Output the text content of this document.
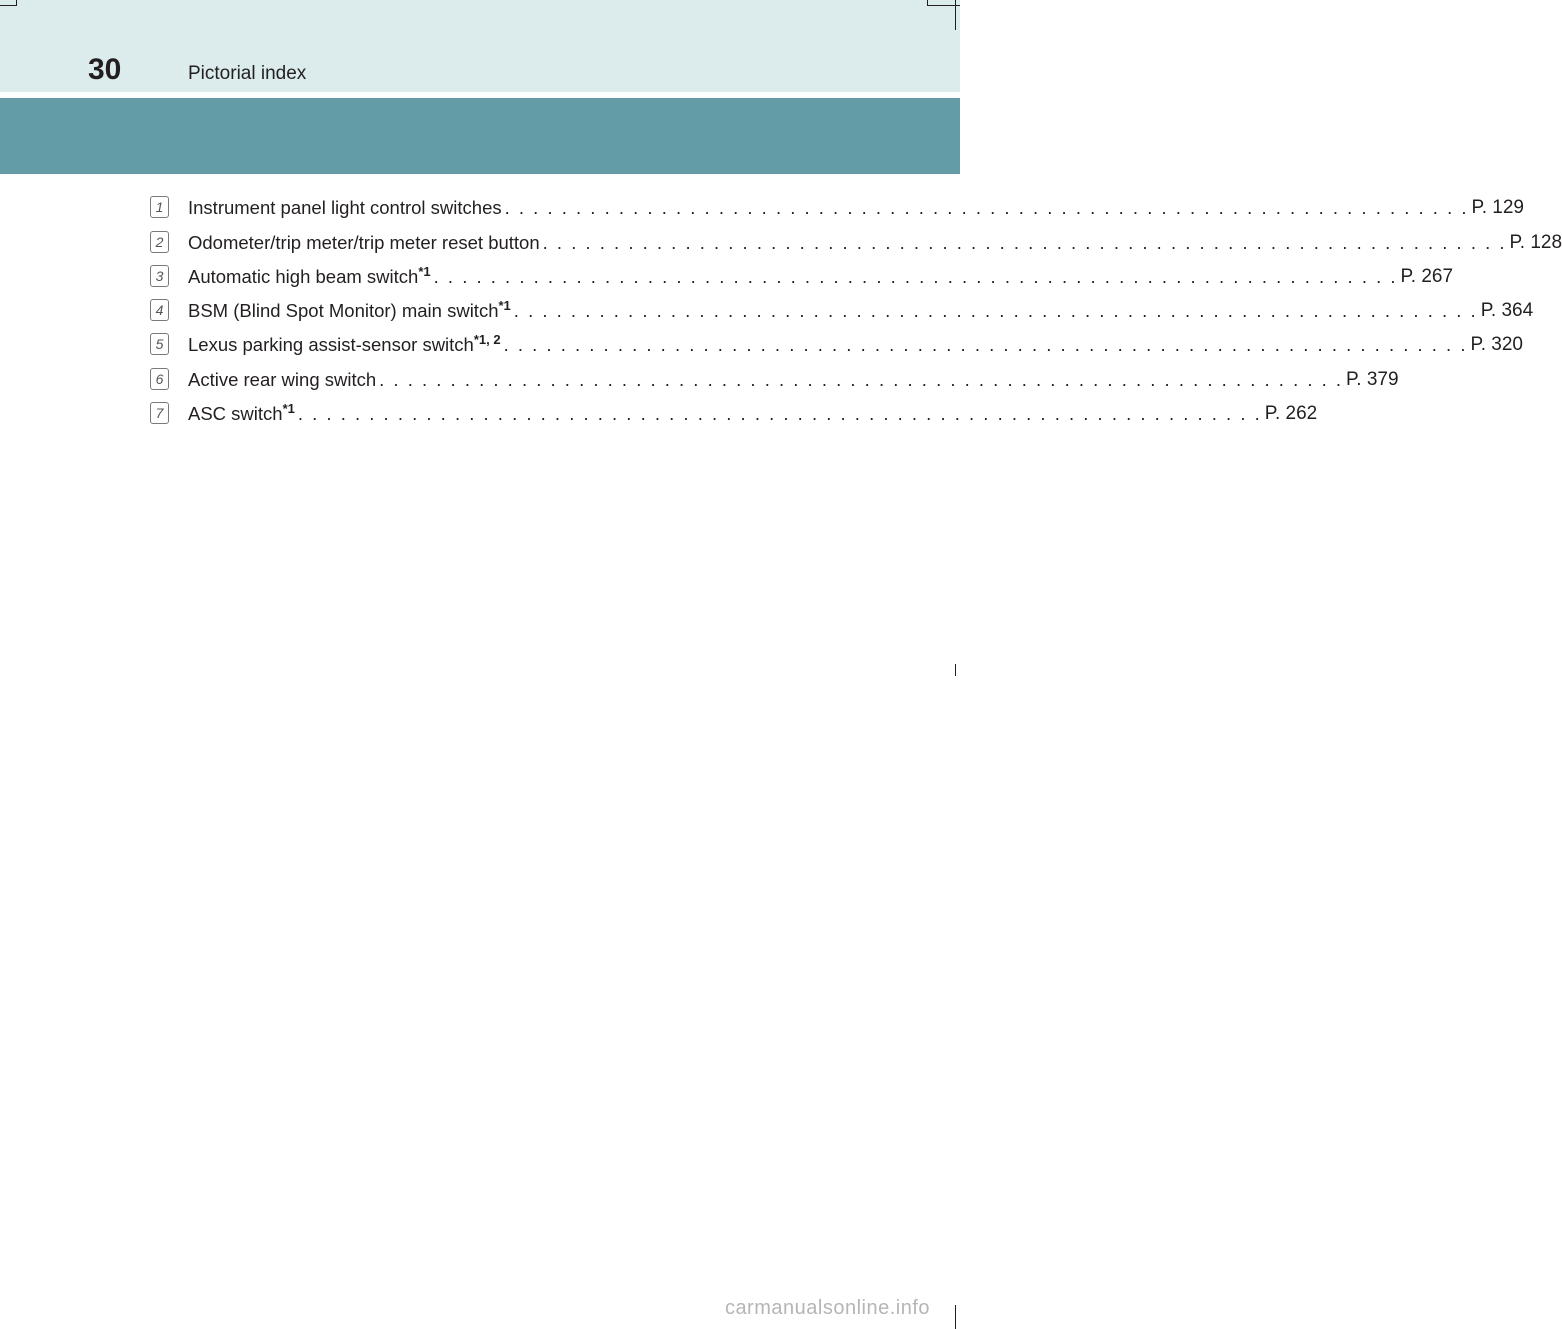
30	Pictorial index
1	Instrument panel light control switches . . . . . . . . . . . . . . . . . . . . . . . . . . . . . . . . . . . . . . . . . . . . . . . . . . . . . . . . . . . . . . . . . . . . P. 129
2	Odometer/trip meter/trip meter reset button . . . . . . . . . . . . . . . . . . . . . . . . . . . . . . . . . . . . . . . . . . . . . . . . . . . . . . . . . . . . . . . . . . . . P. 128
3	Automatic high beam switch$^{*1}$ . . . . . . . . . . . . . . . . . . . . . . . . . . . . . . . . . . . . . . . . . . . . . . . . . . . . . . . . . . . . . . . . . . . . P. 267
4	BSM (Blind Spot Monitor) main switch$^{*1}$ . . . . . . . . . . . . . . . . . . . . . . . . . . . . . . . . . . . . . . . . . . . . . . . . . . . . . . . . . . . . . . . . . . . . P. 364
5	Lexus parking assist-sensor switch$^{*1, 2}$ . . . . . . . . . . . . . . . . . . . . . . . . . . . . . . . . . . . . . . . . . . . . . . . . . . . . . . . . . . . . . . . . . . . . P. 320
6	Active rear wing switch . . . . . . . . . . . . . . . . . . . . . . . . . . . . . . . . . . . . . . . . . . . . . . . . . . . . . . . . . . . . . . . . . . . . P. 379
7	ASC switch$^{*1}$ . . . . . . . . . . . . . . . . . . . . . . . . . . . . . . . . . . . . . . . . . . . . . . . . . . . . . . . . . . . . . . . . . . . . P. 262
carmanualsonline.info
